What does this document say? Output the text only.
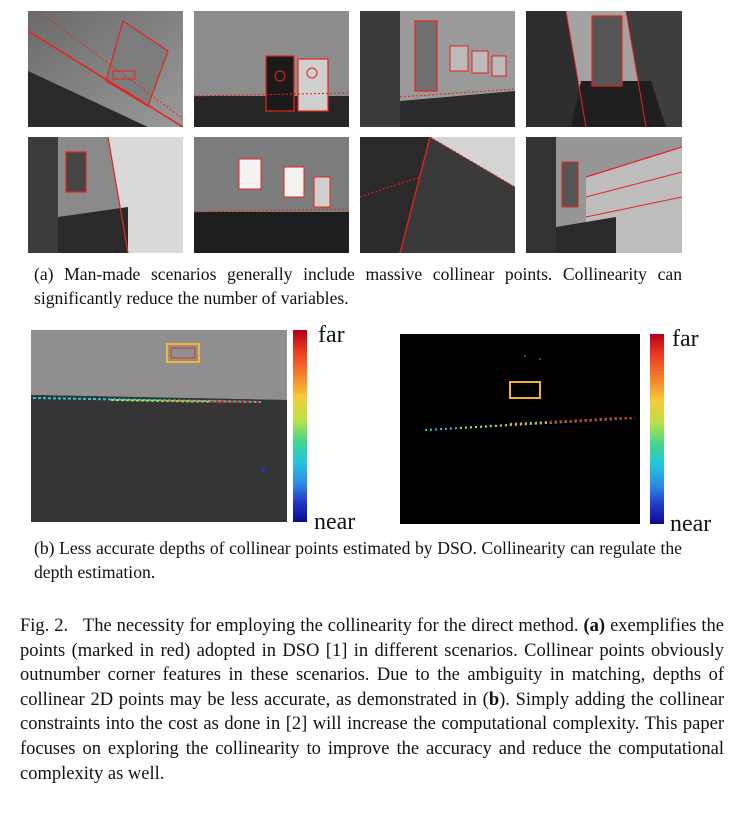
(a) Man-made scenarios generally include massive collinear points. Collinearity can significantly reduce the number of variables.
far
near
far
near
(b) Less accurate depths of collinear points estimated by DSO. Collinearity can regulate the depth estimation.
Fig. 2. The necessity for employing the collinearity for the direct method. (a) exemplifies the points (marked in red) adopted in DSO [1] in different scenarios. Collinear points obviously outnumber corner features in these scenarios. Due to the ambiguity in matching, depths of collinear 2D points may be less accurate, as demonstrated in (b). Simply adding the collinear constraints into the cost as done in [2] will increase the computational complexity. This paper focuses on exploring the collinearity to improve the accuracy and reduce the computational complexity as well.
